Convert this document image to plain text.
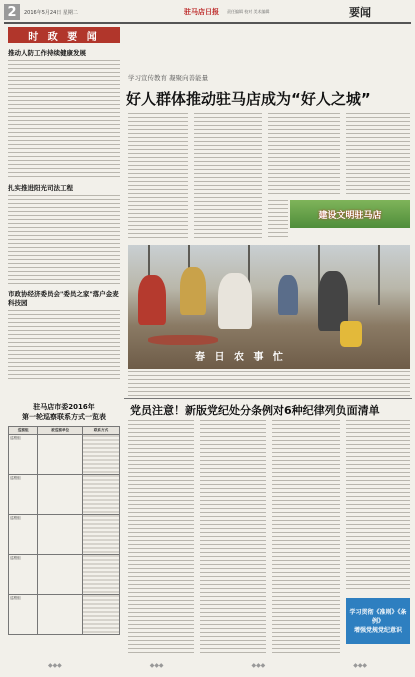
2	2016年5月24日 星期二	驻马店日报 责任编辑 校对 美术编辑	要闻
时 政 要 闻
推动人防工作持续健康发展
扎实推进阳光司法工程
市政协经济委员会"委员之家"落户金麦科技园
学习宣传教育 凝聚向善能量
好人群体推动驻马店成为“好人之城”
建设文明驻马店
春 日 农 事 忙
驻马店市委2016年
第一轮巡察联系方式一览表
巡察组	被巡察单位	联系方式
巡察组		
巡察组		
巡察组		
巡察组		
巡察组		
党员注意！新版党纪处分条例对6种纪律列负面清单
学习贯彻《准则》《条例》
增强党规党纪意识
◆◆◆	◆◆◆	◆◆◆	◆◆◆
